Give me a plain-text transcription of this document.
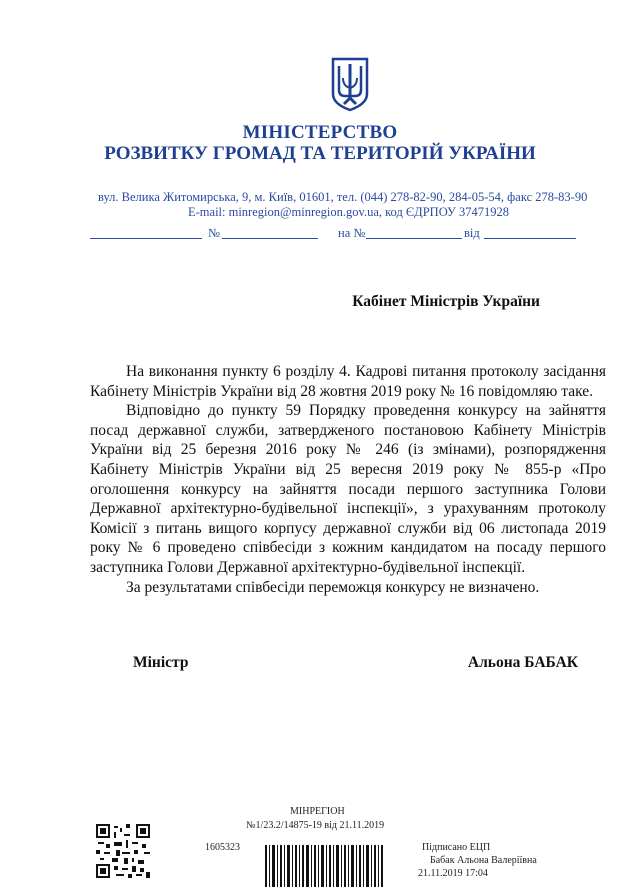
МІНІСТЕРСТВО
РОЗВИТКУ ГРОМАД ТА ТЕРИТОРІЙ УКРАЇНИ
вул. Велика Житомирська, 9, м. Київ, 01601, тел. (044) 278-82-90, 284-05-54, факс 278-83-90
E-mail: minregion@minregion.gov.ua, код ЄДРПОУ 37471928
№	на №	від
Кабінет Міністрів України

На виконання пункту 6 розділу 4. Кадрові питання протоколу засідання Кабінету Міністрів України від 28 жовтня 2019 року № 16 повідомляю таке.

Відповідно до пункту 59 Порядку проведення конкурсу на зайняття посад державної служби, затвердженого постановою Кабінету Міністрів України від 25 березня 2016 року № 246 (із змінами), розпорядження Кабінету Міністрів України від 25 вересня 2019 року № 855-р «Про оголошення конкурсу на зайняття посади першого заступника Голови Державної архітектурно-будівельної інспекції», з урахуванням протоколу Комісії з питань вищого корпусу державної служби від 06 листопада 2019 року № 6 проведено співбесіди з кожним кандидатом на посаду першого заступника Голови Державної архітектурно-будівельної інспекції.

За результатами співбесіди переможця конкурсу не визначено.

Міністр	Альона БАБАК
МІНРЕГІОН
№1/23.2/14875-19 від 21.11.2019
1605323	Підписано ЕЦП
Бабак Альона Валеріївна
21.11.2019 17:04
